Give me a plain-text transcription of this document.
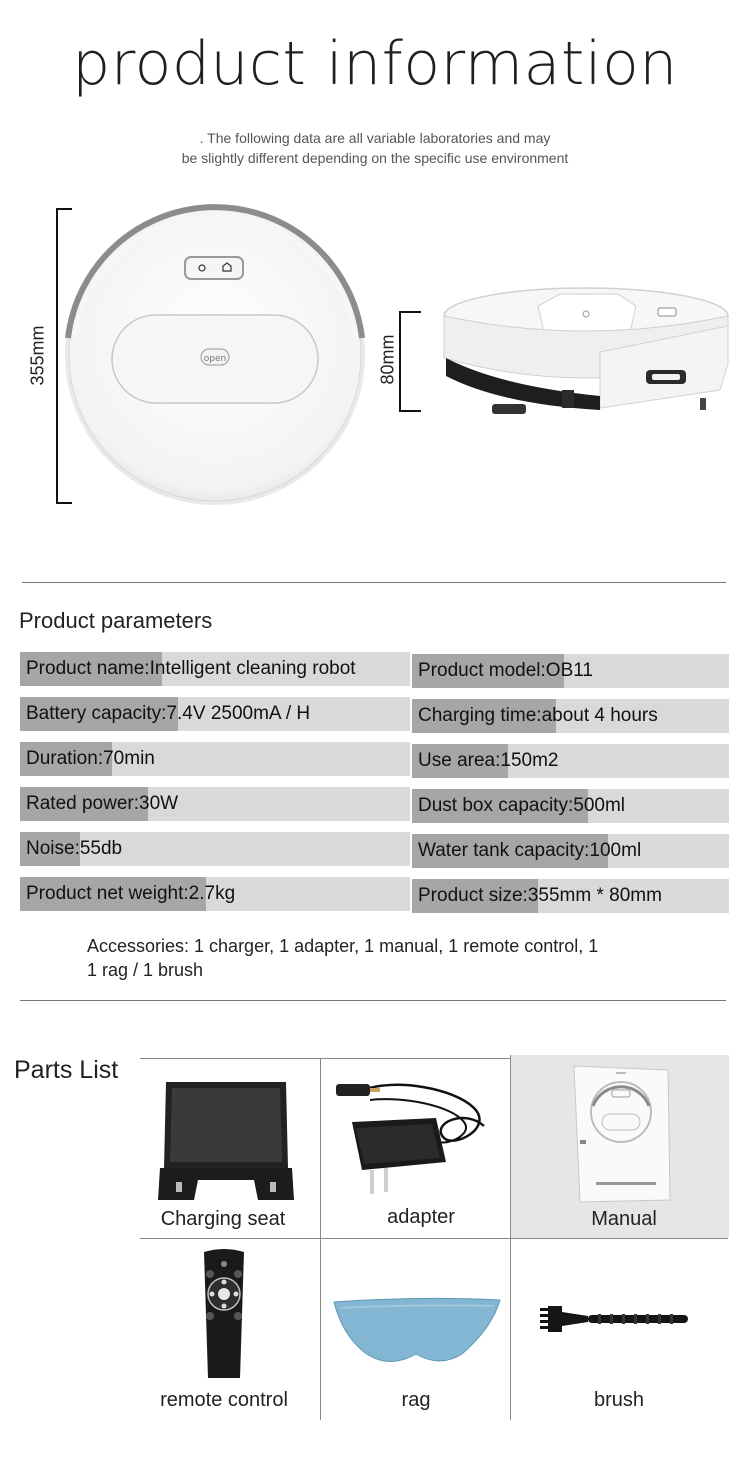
product information
. The following data are all variable laboratories and may
be slightly different depending on the specific use environment
355mm	open	80mm
Product parameters
Product name:Intelligent cleaning robot	Product model:OB11
Battery capacity:7.4V 2500mA / H	Charging time:about 4 hours
Duration:70min	Use area:150m2
Rated power:30W	Dust box capacity:500ml
Noise:55db	Water tank capacity:100ml
Product net weight:2.7kg	Product size:355mm * 80mm
Accessories: 1 charger, 1 adapter, 1 manual, 1 remote control, 1
1 rag / 1 brush
Parts List
Charging seat	adapter	Manual
remote control	rag	brush
